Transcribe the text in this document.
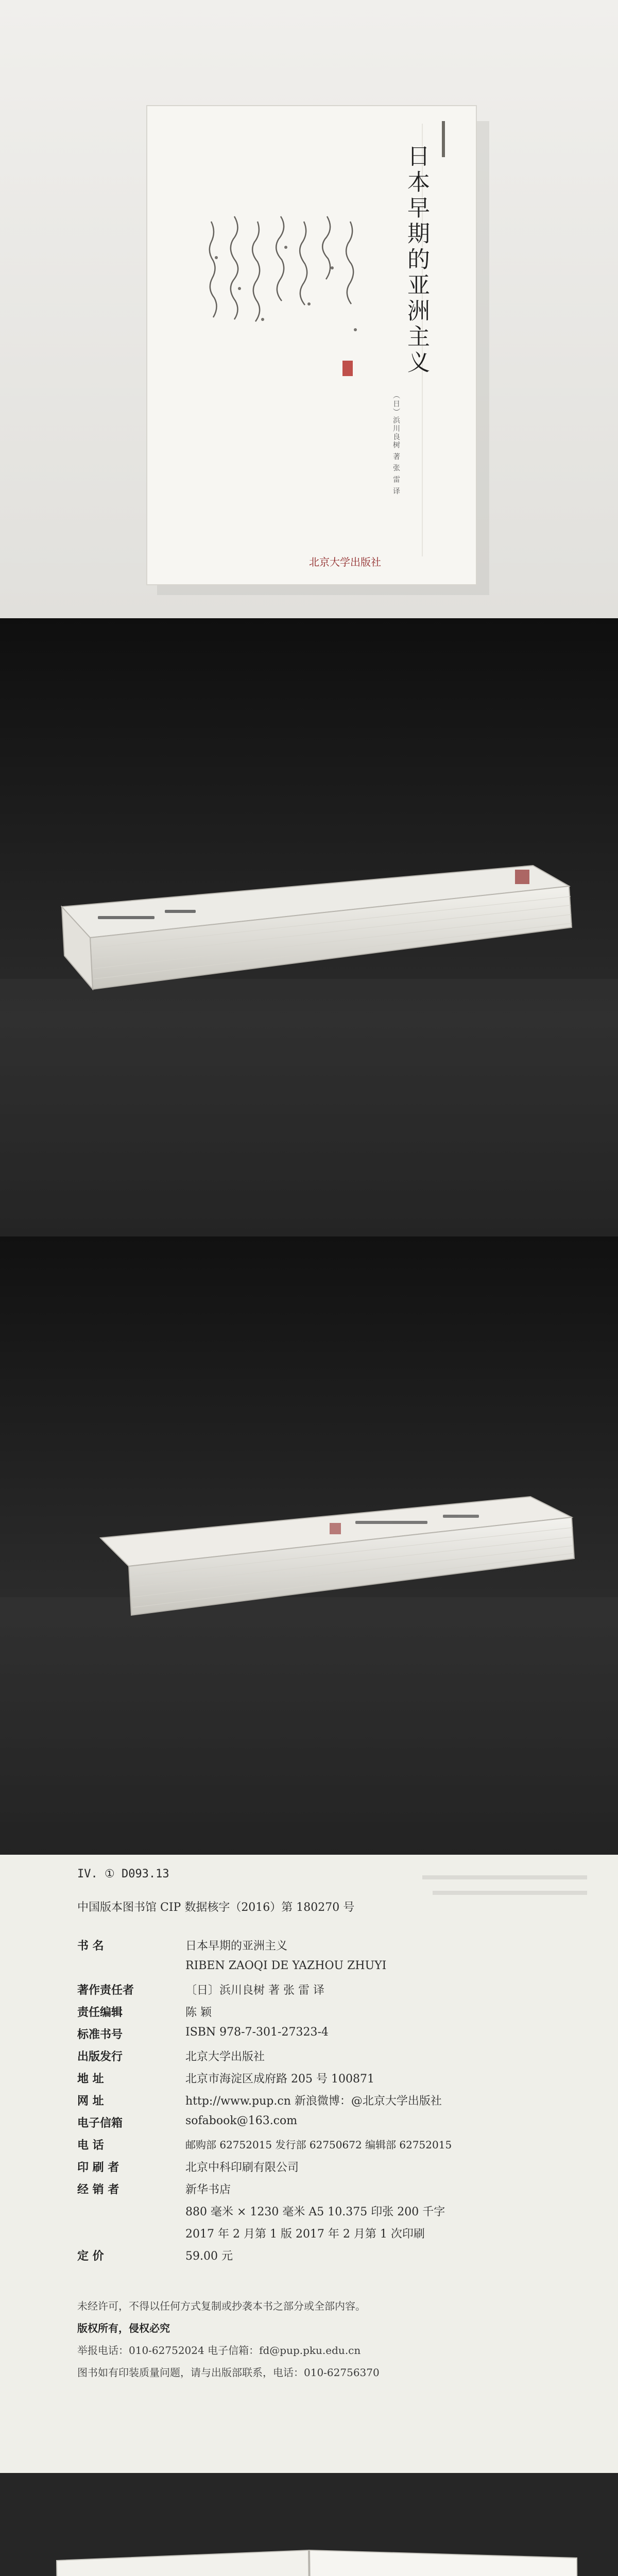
日本早期的亚洲主义
（日）浜川良树 著 张 雷 译
北京大学出版社
IV. ① D093.13
中国版本图书馆 CIP 数据核字（2016）第 180270 号
书 名	日本早期的亚洲主义
RIBEN ZAOQI DE YAZHOU ZHUYI
著作责任者	〔日〕浜川良树 著 张 雷 译
责任编辑	陈 颖
标准书号	ISBN 978-7-301-27323-4
出版发行	北京大学出版社
地 址	北京市海淀区成府路 205 号 100871
网 址	http://www.pup.cn 新浪微博：@北京大学出版社
电子信箱	sofabook@163.com
电 话	邮购部 62752015 发行部 62750672 编辑部 62752015
印 刷 者	北京中科印刷有限公司
经 销 者	新华书店
880 毫米 × 1230 毫米 A5 10.375 印张 200 千字
2017 年 2 月第 1 版 2017 年 2 月第 1 次印刷
定 价	59.00 元
未经许可，不得以任何方式复制或抄袭本书之部分或全部内容。
版权所有，侵权必究
举报电话：010-62752024 电子信箱：fd@pup.pku.edu.cn
图书如有印装质量问题，请与出版部联系，电话：010-62756370
